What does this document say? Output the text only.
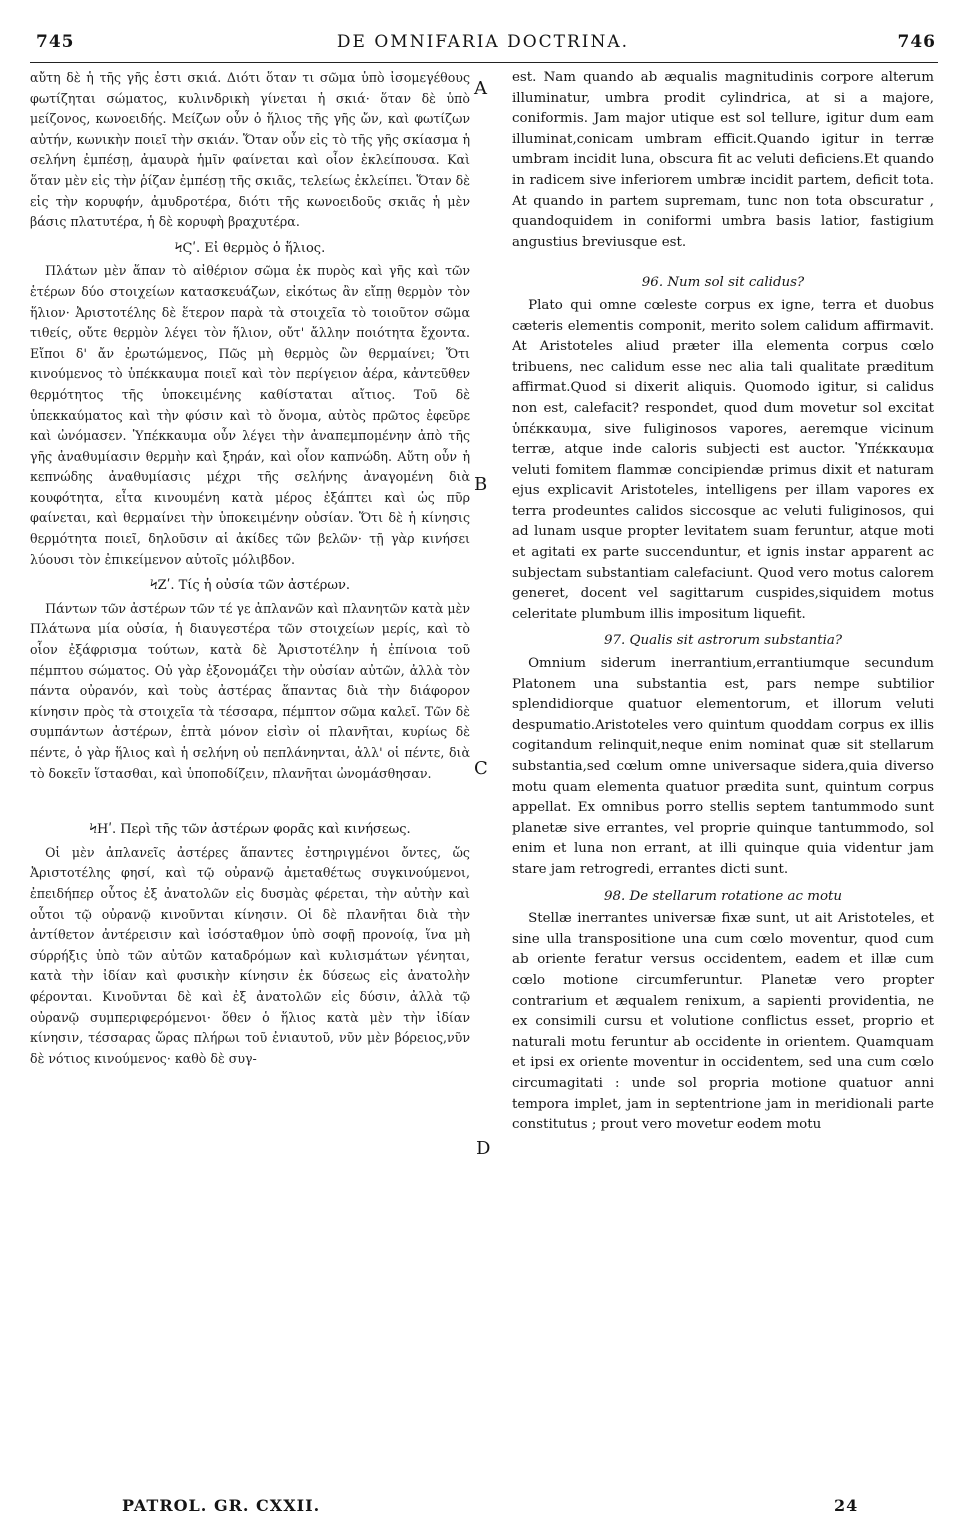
745	DE OMNIFARIA DOCTRINA.	746
A
B
C
D

αὔτη δὲ ἡ τῆς γῆς ἐστι σκιά. Διότι ὅταν τι σῶμα ὑπὸ ἰσομεγέθους φωτίζηται σώματος, κυλινδρικὴ γίνεται ἡ σκιά· ὅταν δὲ ὑπὸ μείζονος, κωνοειδής. Μείζων οὖν ὁ ἥλιος τῆς γῆς ὤν, καὶ φωτίζων αὐτήν, κωνικὴν ποιεῖ τὴν σκιάν. Ὅταν οὖν εἰς τὸ τῆς γῆς σκίασμα ἡ σελήνη ἐμπέσῃ, ἀμαυρὰ ἡμῖν φαίνεται καὶ οἷον ἐκλείπουσα. Καὶ ὅταν μὲν εἰς τὴν ῥίζαν ἐμπέσῃ τῆς σκιᾶς, τελείως ἐκλείπει. Ὅταν δὲ εἰς τὴν κορυφήν, ἀμυδροτέρα, διότι τῆς κωνοειδοῦς σκιᾶς ἡ μὲν βάσις πλατυτέρα, ἡ δὲ κορυφὴ βραχυτέρα.

ϞϚʹ. Εἰ θερμὸς ὁ ἥλιος.

Πλάτων μὲν ἅπαν τὸ αἰθέριον σῶμα ἐκ πυρὸς καὶ γῆς καὶ τῶν ἑτέρων δύο στοιχείων κατασκευάζων, εἰκότως ἂν εἴπῃ θερμὸν τὸν ἥλιον· Ἀριστοτέλης δὲ ἕτερον παρὰ τὰ στοιχεῖα τὸ τοιοῦτον σῶμα τιθείς, οὔτε θερμὸν λέγει τὸν ἥλιον, οὔτ' ἄλλην ποιότητα ἔχοντα. Εἴποι δ' ἄν ἐρωτώμενος, Πῶς μὴ θερμὸς ὢν θερμαίνει; Ὅτι κινούμενος τὸ ὑπέκκαυμα ποιεῖ καὶ τὸν περίγειον ἀέρα, κἀντεῦθεν θερμότητος τῆς ὑποκειμένης καθίσταται αἴτιος. Τοῦ δὲ ὑπεκκαύματος καὶ τὴν φύσιν καὶ τὸ ὄνομα, αὐτὸς πρῶτος ἐφεῦρε καὶ ὠνόμασεν. Ὑπέκκαυμα οὖν λέγει τὴν ἀναπεμπομένην ἀπὸ τῆς γῆς ἀναθυμίασιν θερμὴν καὶ ξηράν, καὶ οἷον καπνώδη. Αὕτη οὖν ἡ κεπνώδης ἀναθυμίασις μέχρι τῆς σελήνης ἀναγομένη διὰ κουφότητα, εἶτα κινουμένη κατὰ μέρος ἐξάπτει καὶ ὡς πῦρ φαίνεται, καὶ θερμαίνει τὴν ὑποκειμένην οὐσίαν. Ὅτι δὲ ἡ κίνησις θερμότητα ποιεῖ, δηλοῦσιν αἱ ἀκίδες τῶν βελῶν· τῇ γὰρ κινήσει λύουσι τὸν ἐπικείμενον αὐτοῖς μόλιβδον.

ϞΖʹ. Τίς ἡ οὐσία τῶν ἀστέρων.

Πάντων τῶν ἀστέρων τῶν τέ γε ἀπλανῶν καὶ πλανητῶν κατὰ μὲν Πλάτωνα μία οὐσία, ἡ διαυγεστέρα τῶν στοιχείων μερίς, καὶ τὸ οἷον ἐξάφρισμα τούτων, κατὰ δὲ Ἀριστοτέλην ἡ ἐπίνοια τοῦ πέμπτου σώματος. Οὐ γὰρ ἐξονομάζει τὴν οὐσίαν αὐτῶν, ἀλλὰ τὸν πάντα οὐρανόν, καὶ τοὺς ἀστέρας ἅπαντας διὰ τὴν διάφορον κίνησιν πρὸς τὰ στοιχεῖα τὰ τέσσαρα, πέμπτον σῶμα καλεῖ. Τῶν δὲ συμπάντων ἀστέρων, ἑπτὰ μόνον εἰσὶν οἱ πλανῆται, κυρίως δὲ πέντε, ὁ γὰρ ἥλιος καὶ ἡ σελήνη οὐ πεπλάνηνται, ἀλλ' οἱ πέντε, διὰ τὸ δοκεῖν ἵστασθαι, καὶ ὑποποδίζειν, πλανῆται ὠνομάσθησαν.

ϞΗʹ. Περὶ τῆς τῶν ἀστέρων φορᾶς καὶ κινήσεως.

Οἱ μὲν ἀπλανεῖς ἀστέρες ἅπαντες ἐστηριγμένοι ὄντες, ὥς Ἀριστοτέλης φησί, καὶ τῷ οὐρανῷ ἀμεταθέτως συγκινούμενοι, ἐπειδήπερ οὗτος ἐξ ἀνατολῶν εἰς δυσμὰς φέρεται, τὴν αὐτὴν καὶ οὗτοι τῷ οὐρανῷ κινοῦνται κίνησιν. Οἱ δὲ πλανῆται διὰ τὴν ἀντίθετον ἀντέρεισιν καὶ ἰσόσταθμον ὑπὸ σοφῇ προνοίᾳ, ἵνα μὴ σύρρήξις ὑπὸ τῶν αὐτῶν καταδρόμων καὶ κυλισμάτων γένηται, κατὰ τὴν ἰδίαν καὶ φυσικὴν κίνησιν ἐκ δύσεως εἰς ἀνατολὴν φέρονται. Κινοῦνται δὲ καὶ ἐξ ἀνατολῶν εἰς δύσιν, ἀλλὰ τῷ οὐρανῷ συμπεριφερόμενοι· ὅθεν ὁ ἥλιος κατὰ μὲν τὴν ἰδίαν κίνησιν, τέσσαρας ὥρας πλήρωι τοῦ ἐνιαυτοῦ, νῦν μὲν βόρειος,νῦν δὲ νότιος κινούμενος· καθὸ δὲ συγ-

est. Nam quando ab æqualis magnitudinis corpore alterum illuminatur, umbra prodit cylindrica, at si a majore, coniformis. Jam major utique est sol tellure, igitur dum eam illuminat,conicam umbram efficit.Quando igitur in terræ umbram incidit luna, obscura fit ac veluti deficiens.Et quando in radicem sive inferiorem umbræ incidit partem, deficit tota. At quando in partem supremam, tunc non tota obscuratur , quandoquidem in coniformi umbra basis latior, fastigium angustius breviusque est.

96. Num sol sit calidus?

Plato qui omne cœleste corpus ex igne, terra et duobus cæteris elementis componit, merito solem calidum affirmavit. At Aristoteles aliud præter illa elementa corpus cœlo tribuens, nec calidum esse nec alia tali qualitate præditum affirmat.Quod si dixerit aliquis. Quomodo igitur, si calidus non est, calefacit? respondet, quod dum movetur sol excitat ὑπέκκαυμα, sive fuliginosos vapores, aeremque vicinum terræ, atque inde caloris subjecti est auctor. Ὑπέκκαυμα veluti fomitem flammæ concipiendæ primus dixit et naturam ejus explicavit Aristoteles, intelligens per illam vapores ex terra prodeuntes calidos siccosque ac veluti fuliginosos, qui ad lunam usque propter levitatem suam feruntur, atque moti et agitati ex parte succenduntur, et ignis instar apparent ac subjectam substantiam calefaciunt. Quod vero motus calorem generet, docent vel sagittarum cuspides,siquidem motus celeritate plumbum illis impositum liquefit.

97. Qualis sit astrorum substantia?

Omnium siderum inerrantium,errantiumque secundum Platonem una substantia est, pars nempe subtilior splendidiorque quatuor elementorum, et illorum veluti despumatio.Aristoteles vero quintum quoddam corpus ex illis cogitandum relinquit,neque enim nominat quæ sit stellarum substantia,sed cœlum omne universaque sidera,quia diverso motu quam elementa quatuor prædita sunt, quintum corpus appellat. Ex omnibus porro stellis septem tantummodo sunt planetæ sive errantes, vel proprie quinque tantummodo, sol enim et luna non errant, at illi quinque quia videntur jam stare jam retrogredi, errantes dicti sunt.

98. De stellarum rotatione ac motu

Stellæ inerrantes universæ fixæ sunt, ut ait Aristoteles, et sine ulla transpositione una cum cœlo moventur, quod cum ab oriente feratur versus occidentem, eadem et illæ cum cœlo motione circumferuntur. Planetæ vero propter contrarium et æqualem renixum, a sapienti providentia, ne ex consimili cursu et volutione conflictus esset, proprio et naturali motu feruntur ab occidente in orientem. Quamquam et ipsi ex oriente moventur in occidentem, sed una cum cœlo circumagitati : unde sol propria motione quatuor anni tempora implet, jam in septentrione jam in meridionali parte constitutus ; prout vero movetur eodem motu

PATROL. GR. CXXII.	24
